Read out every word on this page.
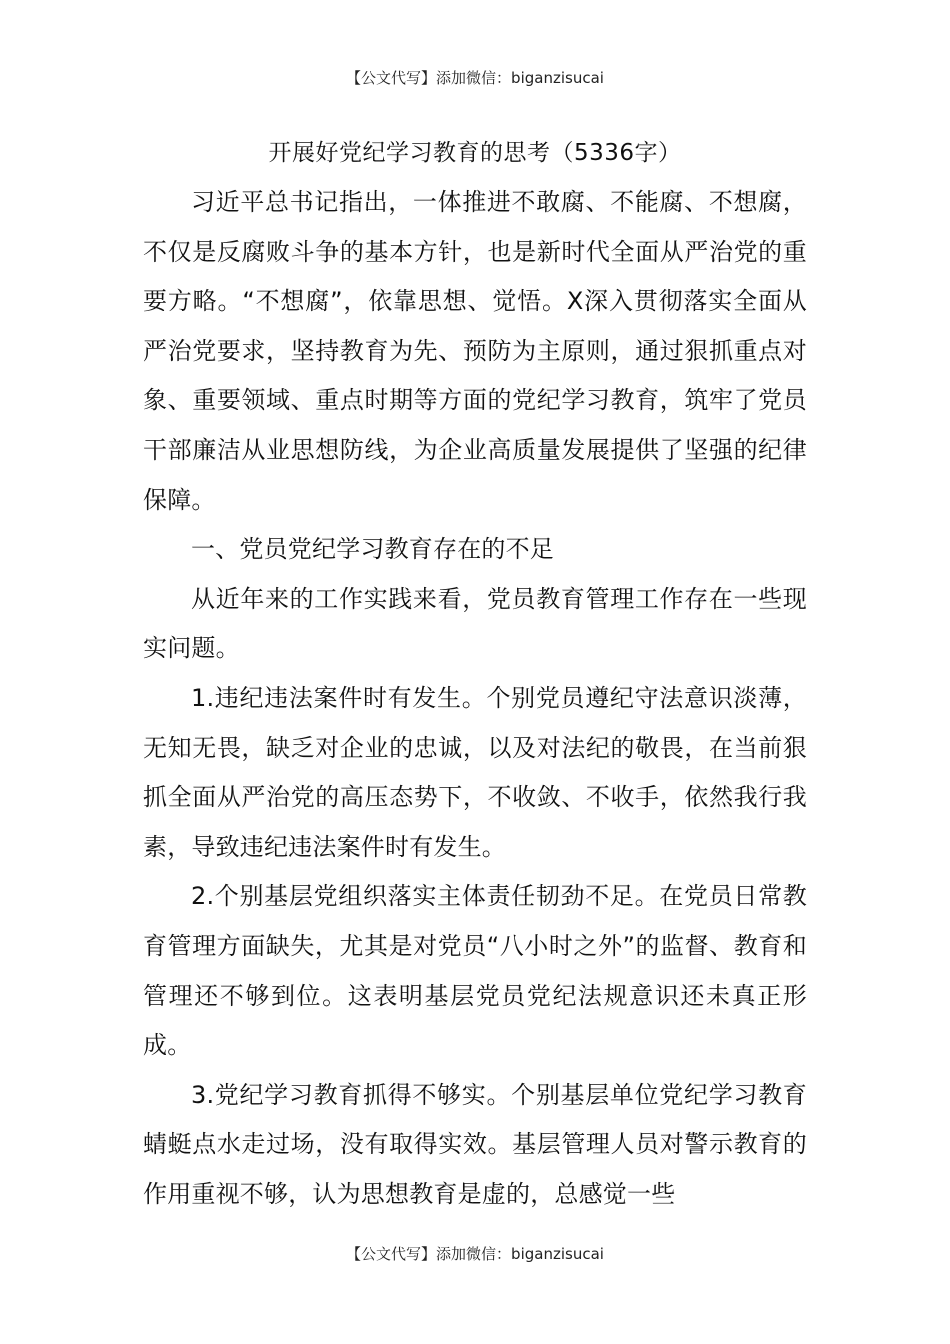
【公文代写】添加微信：biganzisucai
开展好党纪学习教育的思考（5336字）

习近平总书记指出，一体推进不敢腐、不能腐、不想腐，不仅是反腐败斗争的基本方针，也是新时代全面从严治党的重要方略。“不想腐”，依靠思想、觉悟。X深入贯彻落实全面从严治党要求，坚持教育为先、预防为主原则，通过狠抓重点对象、重要领域、重点时期等方面的党纪学习教育，筑牢了党员干部廉洁从业思想防线，为企业高质量发展提供了坚强的纪律保障。

一、党员党纪学习教育存在的不足

从近年来的工作实践来看，党员教育管理工作存在一些现实问题。

1.违纪违法案件时有发生。个别党员遵纪守法意识淡薄，无知无畏，缺乏对企业的忠诚，以及对法纪的敬畏，在当前狠抓全面从严治党的高压态势下，不收敛、不收手，依然我行我素，导致违纪违法案件时有发生。

2.个别基层党组织落实主体责任韧劲不足。在党员日常教育管理方面缺失，尤其是对党员“八小时之外”的监督、教育和管理还不够到位。这表明基层党员党纪法规意识还未真正形成。

3.党纪学习教育抓得不够实。个别基层单位党纪学习教育蜻蜓点水走过场，没有取得实效。基层管理人员对警示教育的作用重视不够，认为思想教育是虚的，总感觉一些

【公文代写】添加微信：biganzisucai
